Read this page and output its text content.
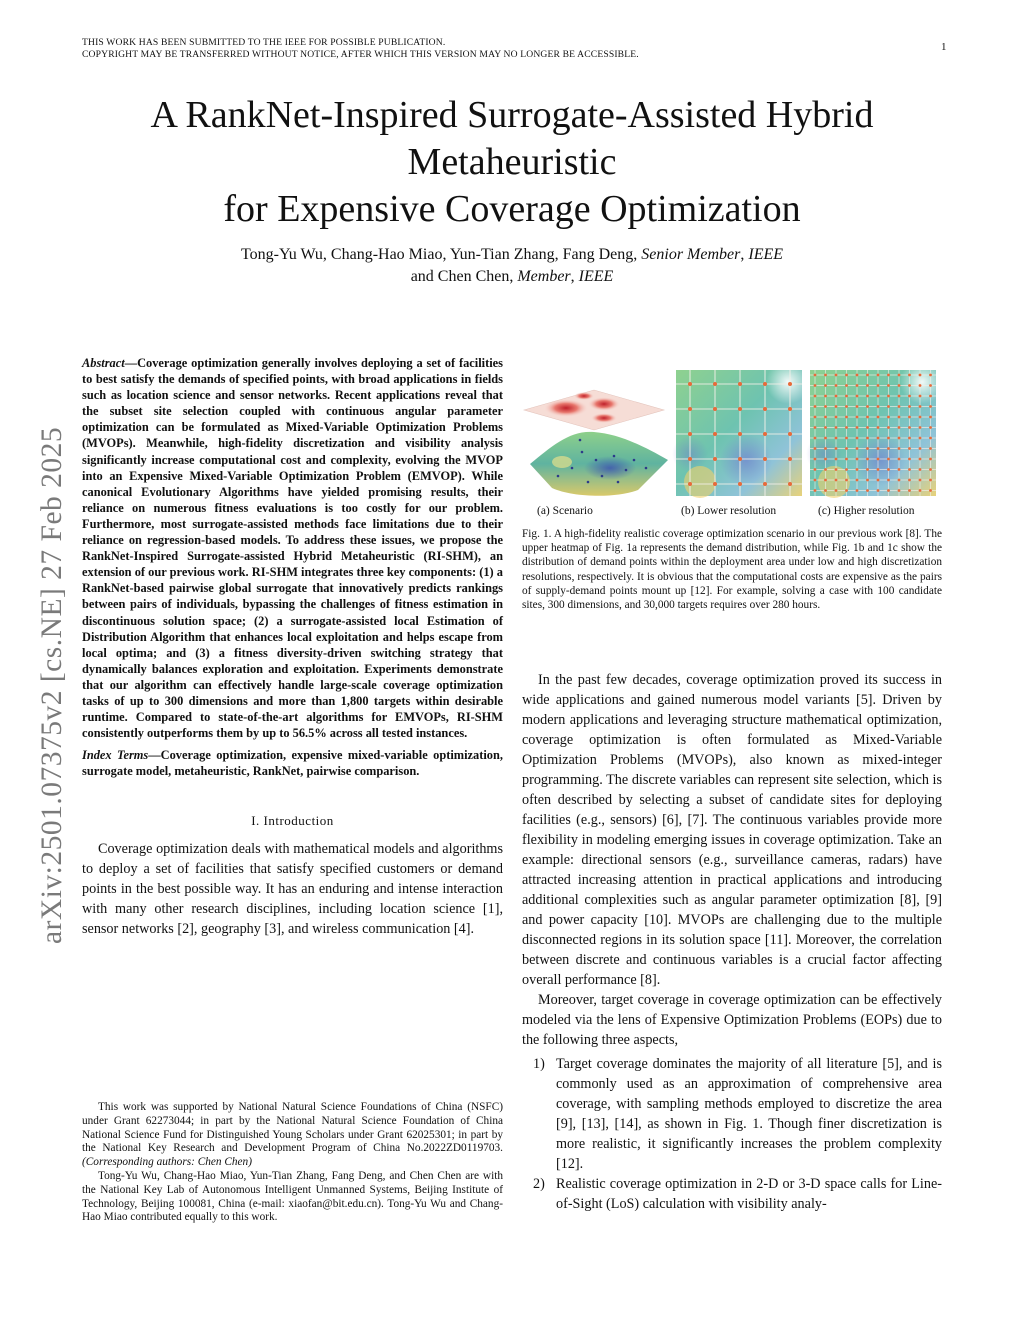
THIS WORK HAS BEEN SUBMITTED TO THE IEEE FOR POSSIBLE PUBLICATION.
COPYRIGHT MAY BE TRANSFERRED WITHOUT NOTICE, AFTER WHICH THIS VERSION MAY NO LONGER BE ACCESSIBLE.
1
A RankNet-Inspired Surrogate-Assisted Hybrid
Metaheuristic
for Expensive Coverage Optimization
Tong-Yu Wu, Chang-Hao Miao, Yun-Tian Zhang, Fang Deng, Senior Member, IEEE
and Chen Chen, Member, IEEE
arXiv:2501.07375v2 [cs.NE] 27 Feb 2025

Abstract—Coverage optimization generally involves deploying a set of facilities to best satisfy the demands of specified points, with broad applications in fields such as location science and sensor networks. Recent applications reveal that the subset site selection coupled with continuous angular parameter optimization can be formulated as Mixed-Variable Optimization Problems (MVOPs). Meanwhile, high-fidelity discretization and visibility analysis significantly increase computational cost and complexity, evolving the MVOP into an Expensive Mixed-Variable Optimization Problem (EMVOP). While canonical Evolutionary Algorithms have yielded promising results, their reliance on numerous fitness evaluations is too costly for our problem. Furthermore, most surrogate-assisted methods face limitations due to their reliance on regression-based models. To address these issues, we propose the RankNet-Inspired Surrogate-assisted Hybrid Metaheuristic (RI-SHM), an extension of our previous work. RI-SHM integrates three key components: (1) a RankNet-based pairwise global surrogate that innovatively predicts rankings between pairs of individuals, bypassing the challenges of fitness estimation in discontinuous solution space; (2) a surrogate-assisted local Estimation of Distribution Algorithm that enhances local exploitation and helps escape from local optima; and (3) a fitness diversity-driven switching strategy that dynamically balances exploration and exploitation. Experiments demonstrate that our algorithm can effectively handle large-scale coverage optimization tasks of up to 300 dimensions and more than 1,800 targets within desirable runtime. Compared to state-of-the-art algorithms for EMVOPs, RI-SHM consistently outperforms them by up to 56.5% across all tested instances.

Index Terms—Coverage optimization, expensive mixed-variable optimization, surrogate model, metaheuristic, RankNet, pairwise comparison.

I. Introduction

Coverage optimization deals with mathematical models and algorithms to deploy a set of facilities that satisfy specified customers or demand points in the best possible way. It has an enduring and intense interaction with many other research disciplines, including location science [1], sensor networks [2], geography [3], and wireless communication [4].

This work was supported by National Natural Science Foundations of China (NSFC) under Grant 62273044; in part by the National Natural Science Foundation of China National Science Fund for Distinguished Young Scholars under Grant 62025301; in part by the National Key Research and Development Program of China No.2022ZD0119703. (Corresponding authors: Chen Chen)

Tong-Yu Wu, Chang-Hao Miao, Yun-Tian Zhang, Fang Deng, and Chen Chen are with the National Key Lab of Autonomous Intelligent Unmanned Systems, Beijing Institute of Technology, Beijing 100081, China (e-mail: xiaofan@bit.edu.cn). Tong-Yu Wu and Chang-Hao Miao contributed equally to this work.

(a) Scenario	(b) Lower resolution	(c) Higher resolution

Fig. 1. A high-fidelity realistic coverage optimization scenario in our previous work [8]. The upper heatmap of Fig. 1a represents the demand distribution, while Fig. 1b and 1c show the distribution of demand points within the deployment area under low and high discretization resolutions, respectively. It is obvious that the computational costs are expensive as the pairs of supply-demand points mount up [12]. For example, solving a case with 100 candidate sites, 300 dimensions, and 30,000 targets requires over 280 hours.

In the past few decades, coverage optimization proved its success in wide applications and gained numerous model variants [5]. Driven by modern applications and leveraging structure mathematical optimization, coverage optimization is often formulated as Mixed-Variable Optimization Problems (MVOPs), also known as mixed-integer programming. The discrete variables can represent site selection, which is often described by selecting a subset of candidate sites for deploying facilities (e.g., sensors) [6], [7]. The continuous variables provide more flexibility in modeling emerging issues in coverage optimization. Take an example: directional sensors (e.g., surveillance cameras, radars) have attracted increasing attention in practical applications and introducing additional complexities such as angular parameter optimization [8], [9] and power capacity [10]. MVOPs are challenging due to the multiple disconnected regions in its solution space [11]. Moreover, the correlation between discrete and continuous variables is a crucial factor affecting overall performance [8].

Moreover, target coverage in coverage optimization can be effectively modeled via the lens of Expensive Optimization Problems (EOPs) due to the following three aspects,

1) Target coverage dominates the majority of all literature [5], and is commonly used as an approximation of comprehensive area coverage, with sampling methods employed to discretize the area [9], [13], [14], as shown in Fig. 1. Though finer discretization is more realistic, it significantly increases the problem complexity [12].
2) Realistic coverage optimization in 2-D or 3-D space calls for Line-of-Sight (LoS) calculation with visibility analy-
